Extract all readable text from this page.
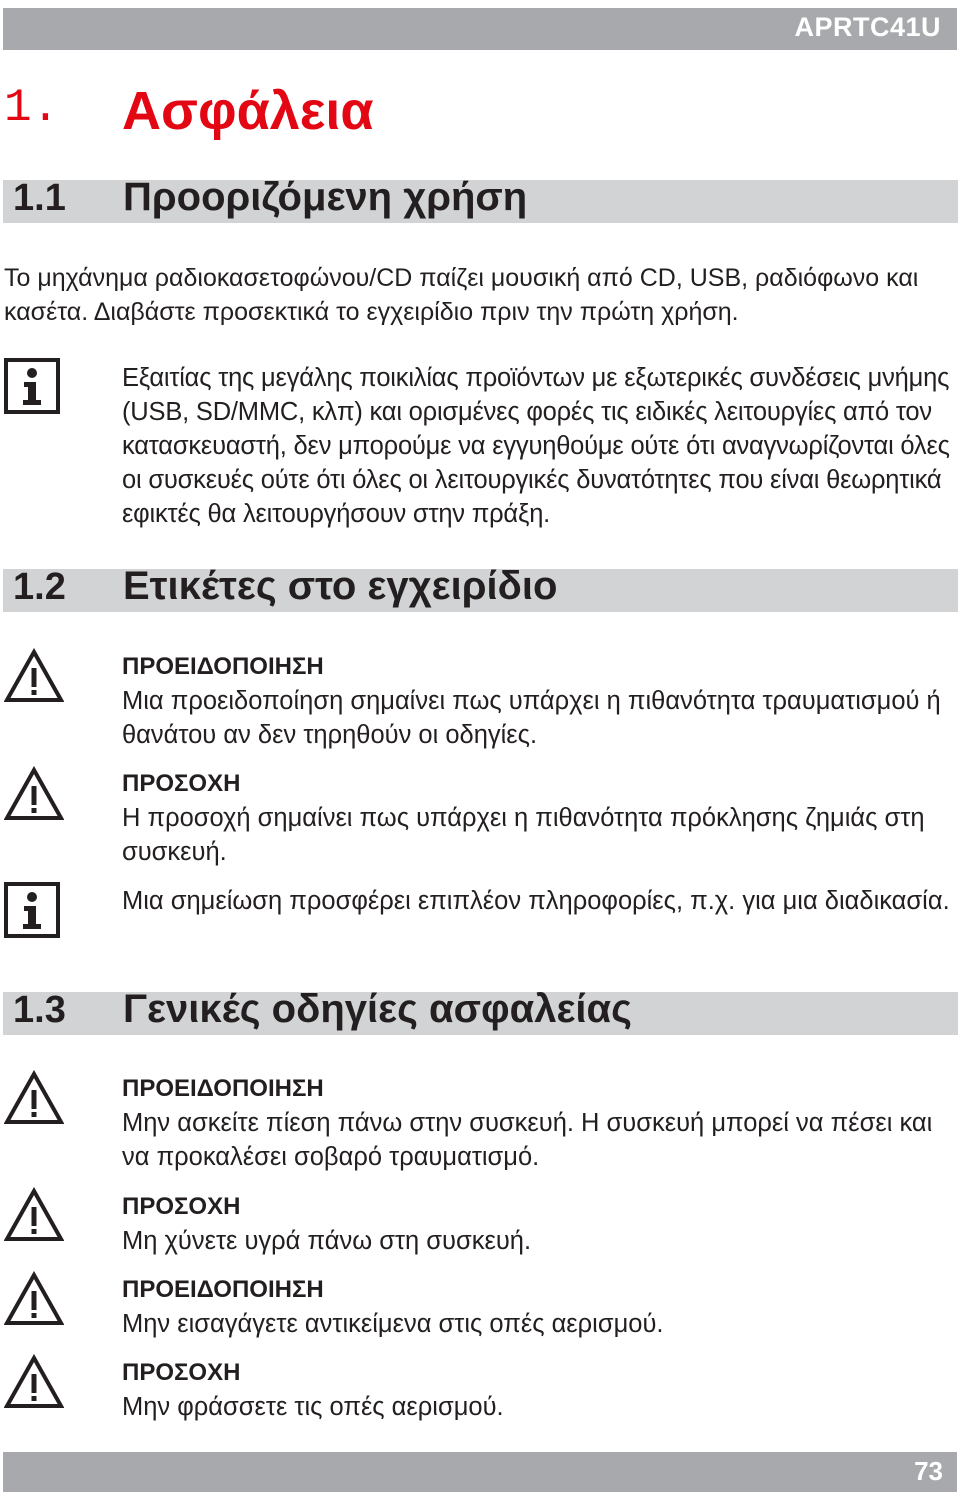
APRTC41U
1. Ασφάλεια
1.1 Προοριζόμενη χρήση
Το μηχάνημα ραδιοκασετοφώνου/CD παίζει μουσική από CD, USB, ραδιόφωνο και κασέτα. Διαβάστε προσεκτικά το εγχειρίδιο πριν την πρώτη χρήση.
Εξαιτίας της μεγάλης ποικιλίας προϊόντων με εξωτερικές συνδέσεις μνήμης (USB, SD/MMC, κλπ) και ορισμένες φορές τις ειδικές λειτουργίες από τον κατασκευαστή, δεν μπορούμε να εγγυηθούμε ούτε ότι αναγνωρίζονται όλες οι συσκευές ούτε ότι όλες οι λειτουργικές δυνατότητες που είναι θεωρητικά εφικτές θα λειτουργήσουν στην πράξη.
1.2 Ετικέτες στο εγχειρίδιο
ΠΡΟΕΙΔΟΠΟΙΗΣΗ
Μια προειδοποίηση σημαίνει πως υπάρχει η πιθανότητα τραυματισμού ή θανάτου αν δεν τηρηθούν οι οδηγίες.
ΠΡΟΣΟΧΗ
Η προσοχή σημαίνει πως υπάρχει η πιθανότητα πρόκλησης ζημιάς στη συσκευή.
Μια σημείωση προσφέρει επιπλέον πληροφορίες, π.χ. για μια διαδικασία.
1.3 Γενικές οδηγίες ασφαλείας
ΠΡΟΕΙΔΟΠΟΙΗΣΗ
Μην ασκείτε πίεση πάνω στην συσκευή. Η συσκευή μπορεί να πέσει και να προκαλέσει σοβαρό τραυματισμό.
ΠΡΟΣΟΧΗ
Μη χύνετε υγρά πάνω στη συσκευή.
ΠΡΟΕΙΔΟΠΟΙΗΣΗ
Μην εισαγάγετε αντικείμενα στις οπές αερισμού.
ΠΡΟΣΟΧΗ
Μην φράσσετε τις οπές αερισμού.
73
